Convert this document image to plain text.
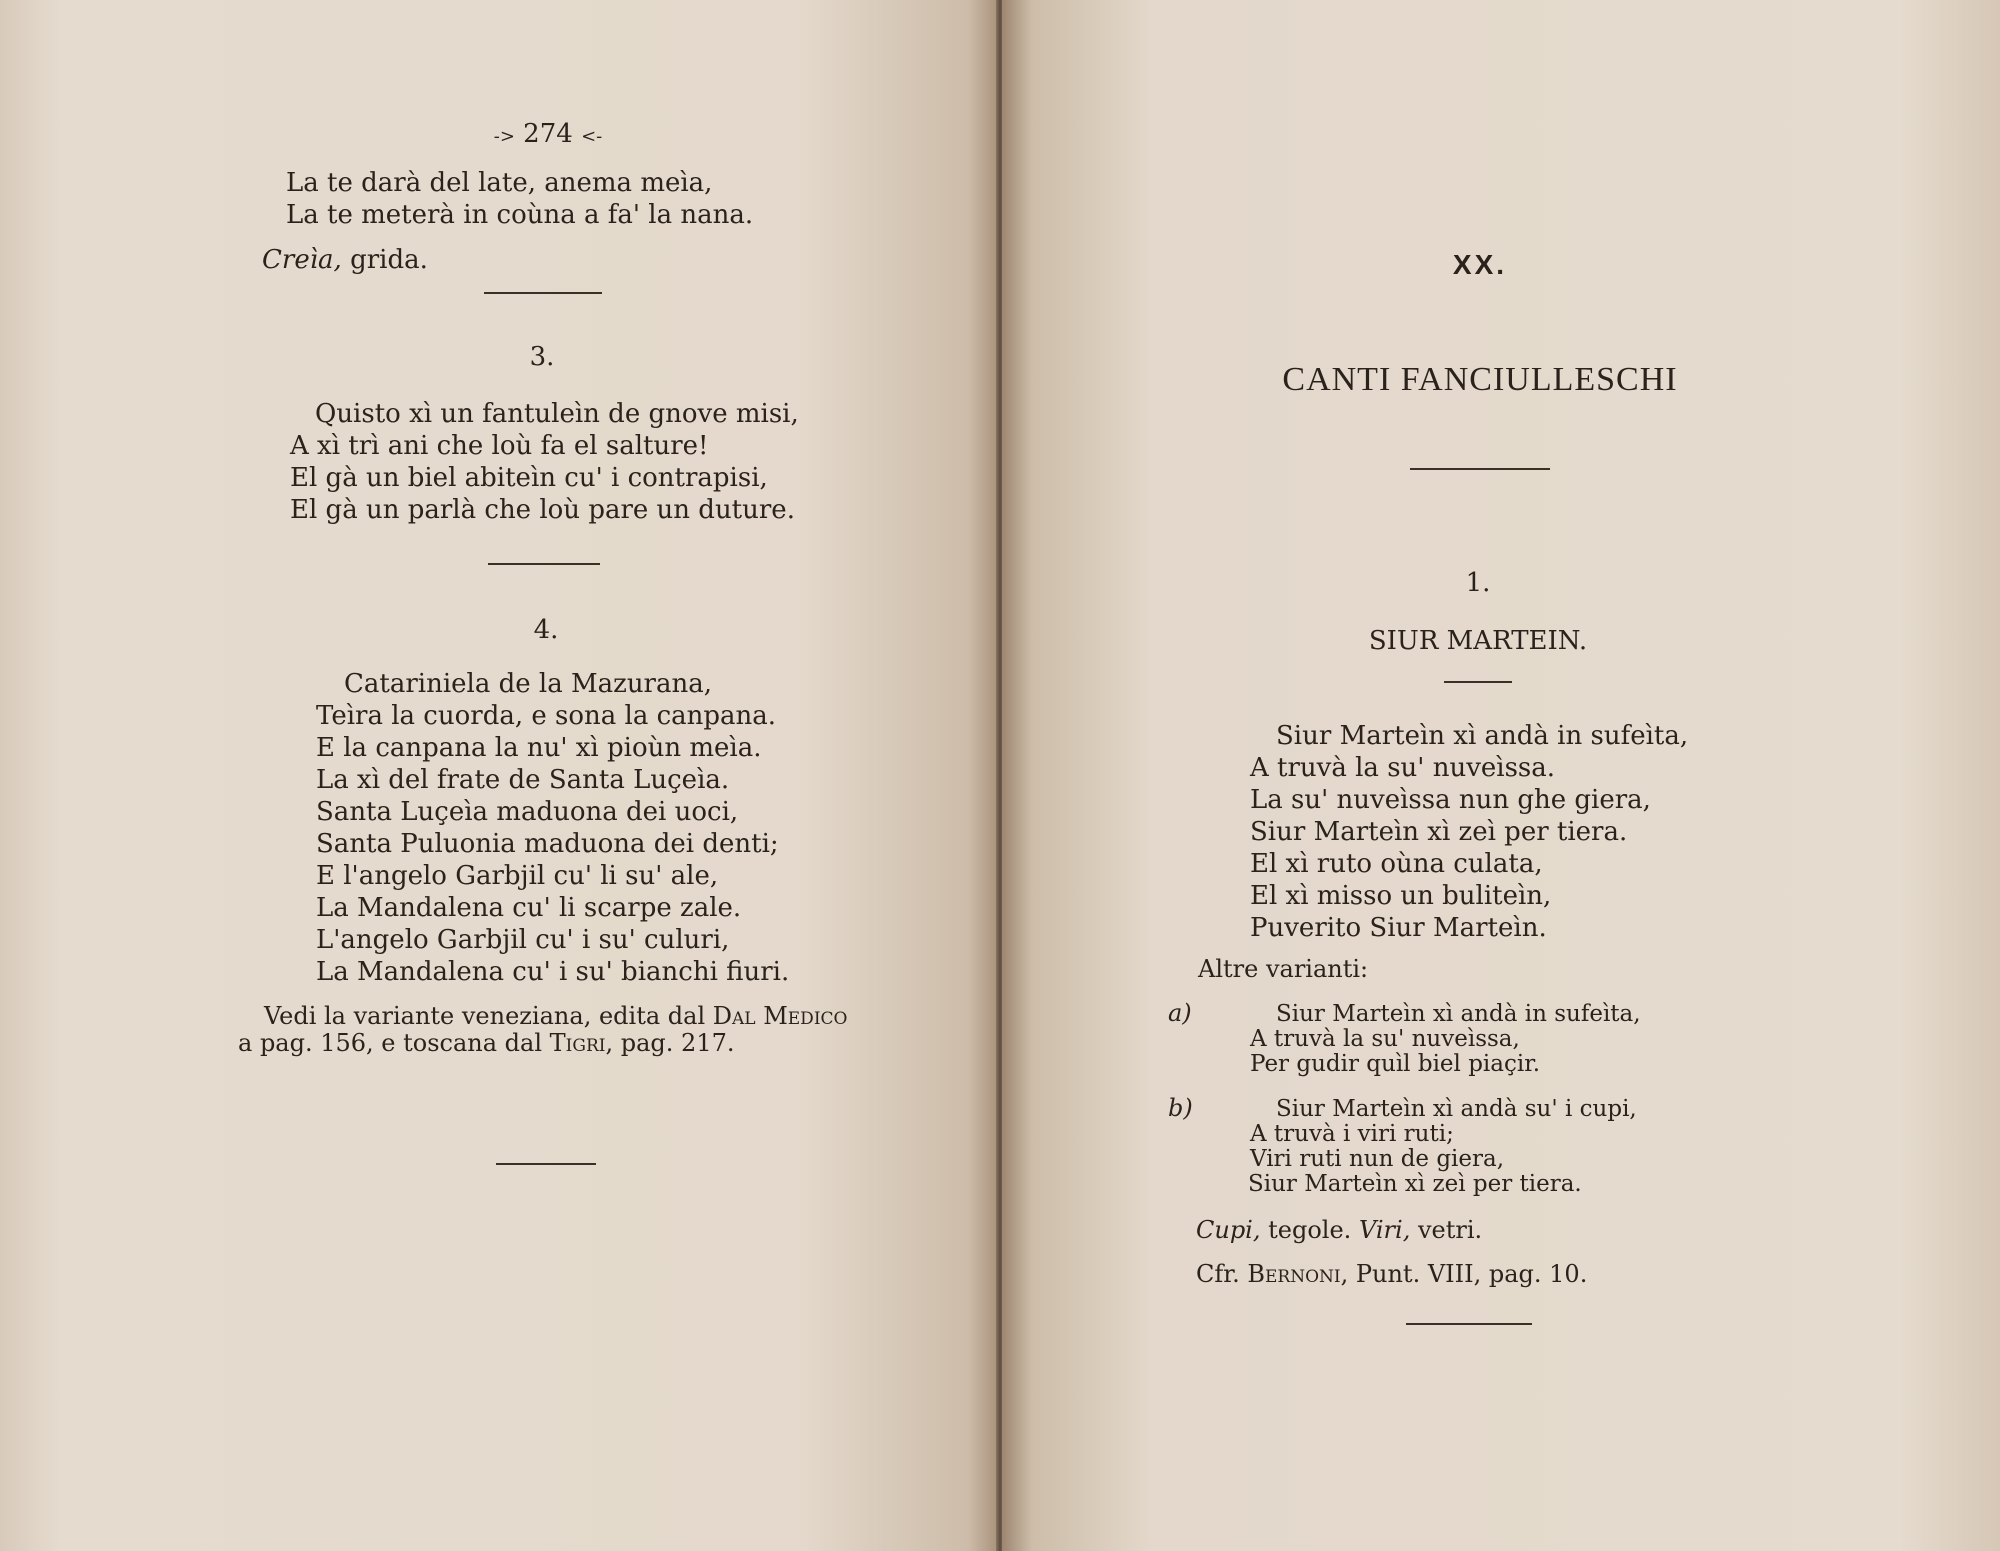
-> 274 <-
La te darà del late, anema meìa,
La te meterà in coùna a fa' la nana.
Creìa, grida.
3.
Quisto xì un fantuleìn de gnove misi,
A xì trì ani che loù fa el salture!
El gà un biel abiteìn cu' i contrapisi,
El gà un parlà che loù pare un duture.
4.
Catariniela de la Mazurana,
Teìra la cuorda, e sona la canpana.
E la canpana la nu' xì pioùn meìa.
La xì del frate de Santa Luçeìa.
Santa Luçeìa maduona dei uoci,
Santa Puluonia maduona dei denti;
E l'angelo Garbjil cu' li su' ale,
La Mandalena cu' li scarpe zale.
L'angelo Garbjil cu' i su' culuri,
La Mandalena cu' i su' bianchi fiuri.
Vedi la variante veneziana, edita dal Dal Medico
a pag. 156, e toscana dal Tigri, pag. 217.
XX.
CANTI FANCIULLESCHI
1.
SIUR MARTEIN.
Siur Marteìn xì andà in sufeìta,
A truvà la su' nuveìssa.
La su' nuveìssa nun ghe giera,
Siur Marteìn xì zeì per tiera.
El xì ruto oùna culata,
El xì misso un buliteìn,
Puverito Siur Marteìn.
Altre varianti:
a)	Siur Marteìn xì andà in sufeìta,
A truvà la su' nuveìssa,
Per gudir quìl biel piaçir.
b)	Siur Marteìn xì andà su' i cupi,
A truvà i viri ruti;
Viri ruti nun de giera,
Siur Marteìn xì zeì per tiera.
Cupi, tegole. Viri, vetri.
Cfr. Bernoni, Punt. VIII, pag. 10.
